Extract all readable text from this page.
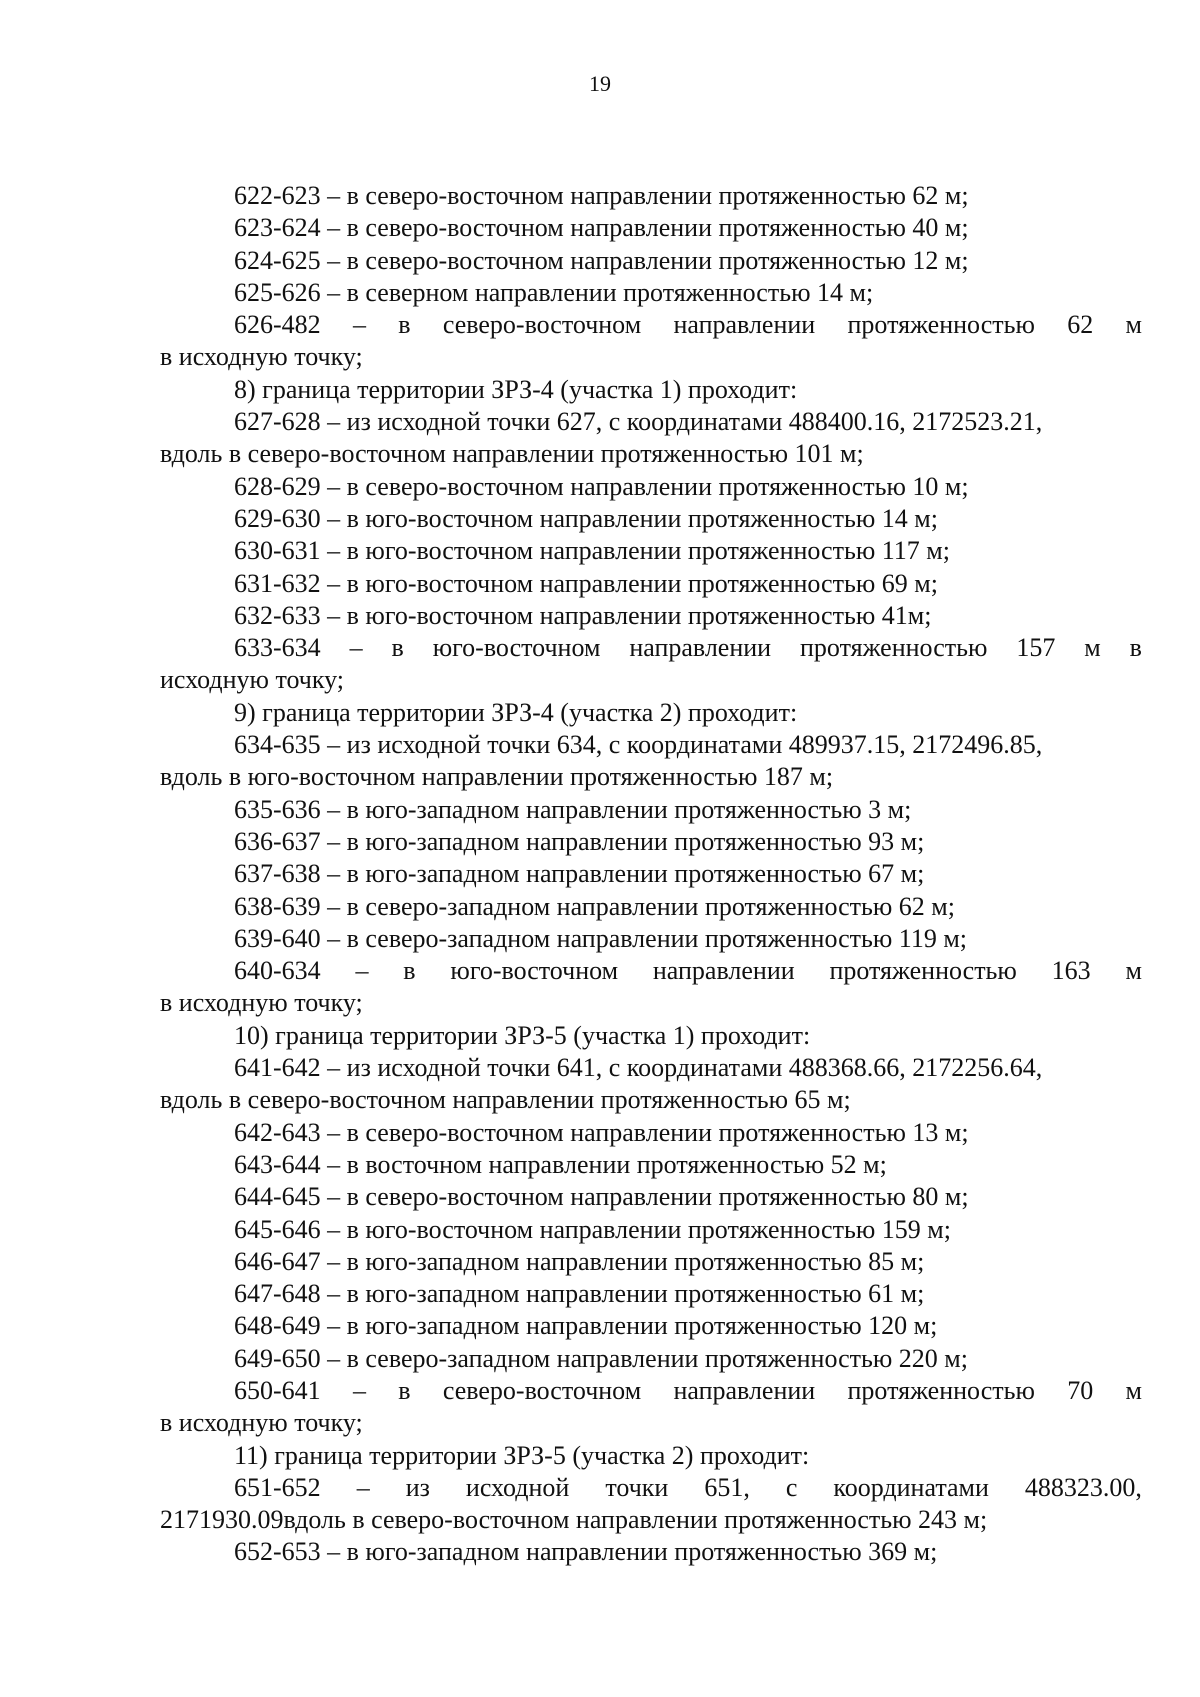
19
622-623 – в северо-восточном направлении протяженностью 62 м;
623-624 – в северо-восточном направлении протяженностью 40 м;
624-625 – в северо-восточном направлении протяженностью 12 м;
625-626 – в северном направлении протяженностью 14 м;
626-482 – в северо-восточном направлении протяженностью 62 м
в исходную точку;
8) граница территории ЗРЗ-4 (участка 1) проходит:
627-628 – из исходной точки 627, с координатами 488400.16, 2172523.21,
вдоль в северо-восточном направлении протяженностью 101 м;
628-629 – в северо-восточном направлении протяженностью 10 м;
629-630 – в юго-восточном направлении протяженностью 14 м;
630-631 – в юго-восточном направлении протяженностью 117 м;
631-632 – в юго-восточном направлении протяженностью 69 м;
632-633 – в юго-восточном направлении протяженностью 41м;
633-634 – в юго-восточном направлении протяженностью 157 м в
исходную точку;
9) граница территории ЗРЗ-4 (участка 2) проходит:
634-635 – из исходной точки 634, с координатами 489937.15, 2172496.85,
вдоль в юго-восточном направлении протяженностью 187 м;
635-636 – в юго-западном направлении протяженностью 3 м;
636-637 – в юго-западном направлении протяженностью 93 м;
637-638 – в юго-западном направлении протяженностью 67 м;
638-639 – в северо-западном направлении протяженностью 62 м;
639-640 – в северо-западном направлении протяженностью 119 м;
640-634 – в юго-восточном направлении протяженностью 163 м
в исходную точку;
10) граница территории ЗРЗ-5 (участка 1) проходит:
641-642 – из исходной точки 641, с координатами 488368.66, 2172256.64,
вдоль в северо-восточном направлении протяженностью 65 м;
642-643 – в северо-восточном направлении протяженностью 13 м;
643-644 – в восточном направлении протяженностью 52 м;
644-645 – в северо-восточном направлении протяженностью 80 м;
645-646 – в юго-восточном направлении протяженностью 159 м;
646-647 – в юго-западном направлении протяженностью 85 м;
647-648 – в юго-западном направлении протяженностью 61 м;
648-649 – в юго-западном направлении протяженностью 120 м;
649-650 – в северо-западном направлении протяженностью 220 м;
650-641 – в северо-восточном направлении протяженностью 70 м
в исходную точку;
11) граница территории ЗРЗ-5 (участка 2) проходит:
651-652 – из исходной точки 651, с координатами 488323.00,
2171930.09вдоль в северо-восточном направлении протяженностью 243 м;
652-653 – в юго-западном направлении протяженностью 369 м;
